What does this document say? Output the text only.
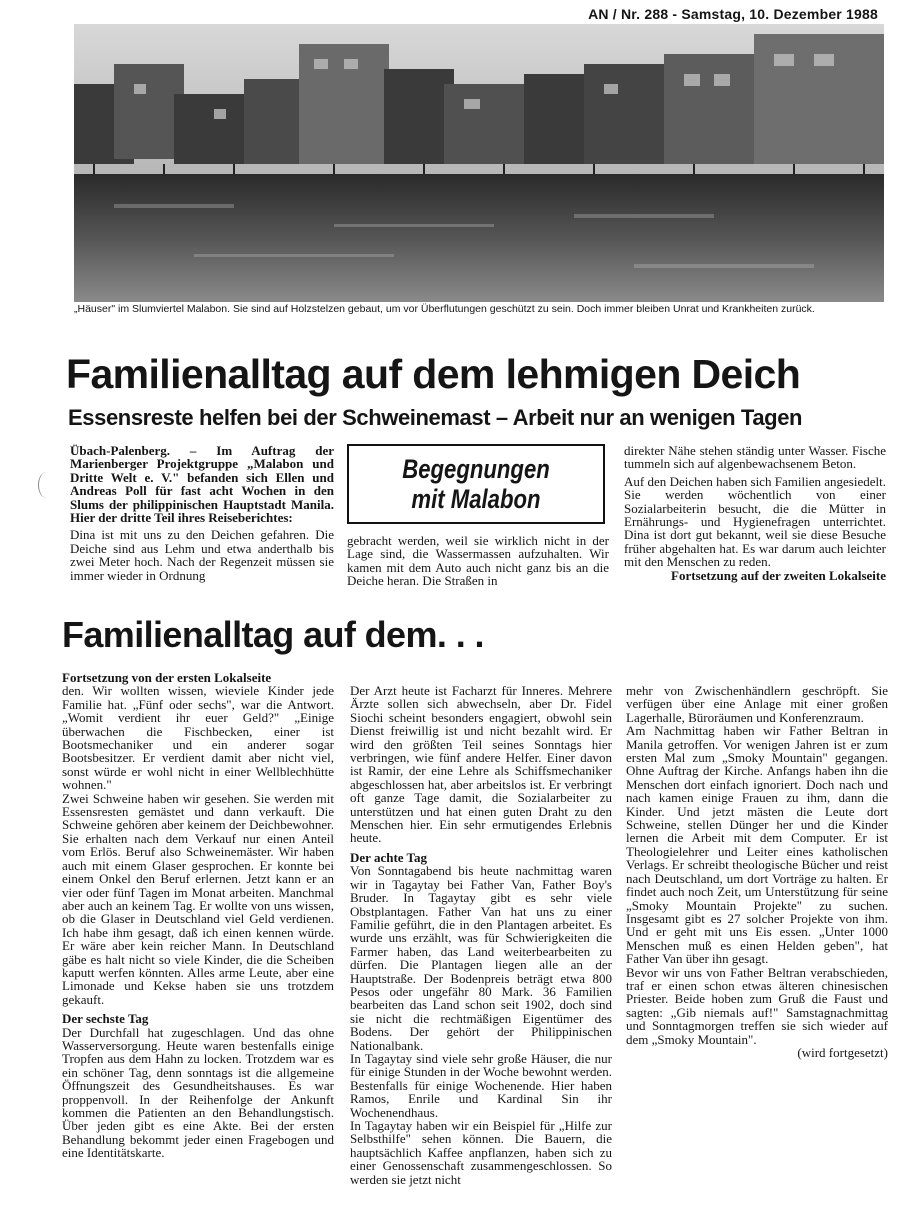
AN / Nr. 288 - Samstag, 10. Dezember 1988
„Häuser" im Slumviertel Malabon. Sie sind auf Holzstelzen gebaut, um vor Überflutungen geschützt zu sein. Doch immer bleiben Unrat und Krankheiten zurück.
Familienalltag auf dem lehmigen Deich
Essensreste helfen bei der Schweinemast – Arbeit nur an wenigen Tagen

Übach-Palenberg. – Im Auftrag der Marienberger Projektgruppe „Malabon und Dritte Welt e. V." befanden sich Ellen und Andreas Poll für fast acht Wochen in den Slums der philippinischen Hauptstadt Manila. Hier der dritte Teil ihres Reiseberichtes:

Dina ist mit uns zu den Deichen gefahren. Die Deiche sind aus Lehm und etwa anderthalb bis zwei Meter hoch. Nach der Regenzeit müssen sie immer wieder in Ordnung

Begegnungen
mit Malabon

gebracht werden, weil sie wirklich nicht in der Lage sind, die Wassermassen aufzuhalten. Wir kamen mit dem Auto auch nicht ganz bis an die Deiche heran. Die Straßen in

direkter Nähe stehen ständig unter Wasser. Fische tummeln sich auf algenbewachsenem Beton.

Auf den Deichen haben sich Familien angesiedelt. Sie werden wöchentlich von einer Sozialarbeiterin besucht, die die Mütter in Ernährungs- und Hygienefragen unterrichtet. Dina ist dort gut bekannt, weil sie diese Besuche früher abgehalten hat. Es war darum auch leichter mit den Menschen zu reden.

Fortsetzung auf der zweiten Lokalseite

Familienalltag auf dem. . .

Fortsetzung von der ersten Lokalseite

den. Wir wollten wissen, wieviele Kinder jede Familie hat. „Fünf oder sechs", war die Antwort. „Womit verdient ihr euer Geld?" „Einige überwachen die Fischbecken, einer ist Bootsmechaniker und ein anderer sogar Bootsbesitzer. Er verdient damit aber nicht viel, sonst würde er wohl nicht in einer Wellblechhütte wohnen."

Zwei Schweine haben wir gesehen. Sie werden mit Essensresten gemästet und dann verkauft. Die Schweine gehören aber keinem der Deichbewohner. Sie erhalten nach dem Verkauf nur einen Anteil vom Erlös. Beruf also Schweinemäster. Wir haben auch mit einem Glaser gesprochen. Er konnte bei einem Onkel den Beruf erlernen. Jetzt kann er an vier oder fünf Tagen im Monat arbeiten. Manchmal aber auch an keinem Tag. Er wollte von uns wissen, ob die Glaser in Deutschland viel Geld verdienen. Ich habe ihm gesagt, daß ich einen kennen würde. Er wäre aber kein reicher Mann. In Deutschland gäbe es halt nicht so viele Kinder, die die Scheiben kaputt werfen könnten. Alles arme Leute, aber eine Limonade und Kekse haben sie uns trotzdem gekauft.

Der sechste Tag

Der Durchfall hat zugeschlagen. Und das ohne Wasserversorgung. Heute waren bestenfalls einige Tropfen aus dem Hahn zu locken. Trotzdem war es ein schöner Tag, denn sonntags ist die allgemeine Öffnungszeit des Gesundheitshauses. Es war proppenvoll. In der Reihenfolge der Ankunft kommen die Patienten an den Behandlungstisch. Über jeden gibt es eine Akte. Bei der ersten Behandlung bekommt jeder einen Fragebogen und eine Identitätskarte.

Der Arzt heute ist Facharzt für Inneres. Mehrere Ärzte sollen sich abwechseln, aber Dr. Fidel Siochi scheint besonders engagiert, obwohl sein Dienst freiwillig ist und nicht bezahlt wird. Er wird den größten Teil seines Sonntags hier verbringen, wie fünf andere Helfer. Einer davon ist Ramir, der eine Lehre als Schiffsmechaniker abgeschlossen hat, aber arbeitslos ist. Er verbringt oft ganze Tage damit, die Sozialarbeiter zu unterstützen und hat einen guten Draht zu den Menschen hier. Ein sehr ermutigendes Erlebnis heute.

Der achte Tag

Von Sonntagabend bis heute nachmittag waren wir in Tagaytay bei Father Van, Father Boy's Bruder. In Tagaytay gibt es sehr viele Obstplantagen. Father Van hat uns zu einer Familie geführt, die in den Plantagen arbeitet. Es wurde uns erzählt, was für Schwierigkeiten die Farmer haben, das Land weiterbearbeiten zu dürfen. Die Plantagen liegen alle an der Hauptstraße. Der Bodenpreis beträgt etwa 800 Pesos oder ungefähr 80 Mark. 36 Familien bearbeiten das Land schon seit 1902, doch sind sie nicht die rechtmäßigen Eigentümer des Bodens. Der gehört der Philippinischen Nationalbank.

In Tagaytay sind viele sehr große Häuser, die nur für einige Stunden in der Woche bewohnt werden. Bestenfalls für einige Wochenende. Hier haben Ramos, Enrile und Kardinal Sin ihr Wochenendhaus.

In Tagaytay haben wir ein Beispiel für „Hilfe zur Selbsthilfe" sehen können. Die Bauern, die hauptsächlich Kaffee anpflanzen, haben sich zu einer Genossenschaft zusammengeschlossen. So werden sie jetzt nicht

mehr von Zwischenhändlern geschröpft. Sie verfügen über eine Anlage mit einer großen Lagerhalle, Büroräumen und Konferenzraum.

Am Nachmittag haben wir Father Beltran in Manila getroffen. Vor wenigen Jahren ist er zum ersten Mal zum „Smoky Mountain" gegangen. Ohne Auftrag der Kirche. Anfangs haben ihn die Menschen dort einfach ignoriert. Doch nach und nach kamen einige Frauen zu ihm, dann die Kinder. Und jetzt mästen die Leute dort Schweine, stellen Dünger her und die Kinder lernen die Arbeit mit dem Computer. Er ist Theologielehrer und Leiter eines katholischen Verlags. Er schreibt theologische Bücher und reist nach Deutschland, um dort Vorträge zu halten. Er findet auch noch Zeit, um Unterstützung für seine „Smoky Mountain Projekte" zu suchen. Insgesamt gibt es 27 solcher Projekte von ihm. Und er geht mit uns Eis essen. „Unter 1000 Menschen muß es einen Helden geben", hat Father Van über ihn gesagt.

Bevor wir uns von Father Beltran verabschieden, traf er einen schon etwas älteren chinesischen Priester. Beide hoben zum Gruß die Faust und sagten: „Gib niemals auf!" Samstagnachmittag und Sonntagmorgen treffen sie sich wieder auf dem „Smoky Mountain".

(wird fortgesetzt)
